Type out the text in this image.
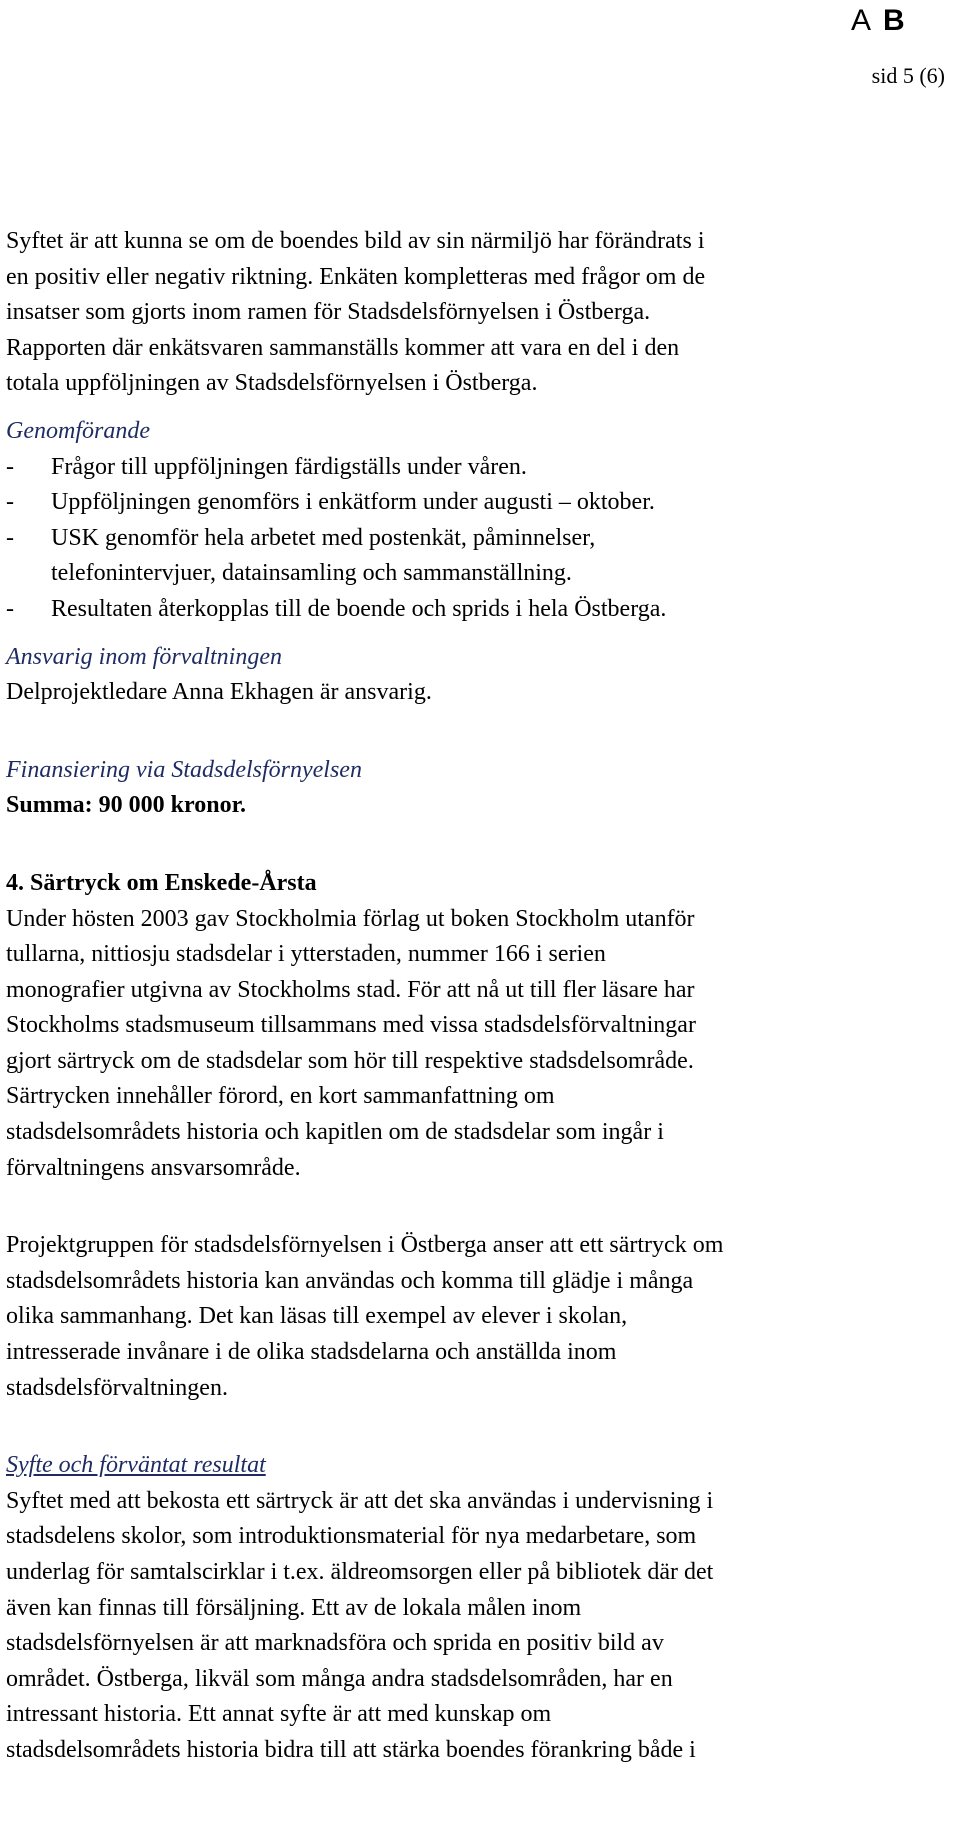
A B
sid 5 (6)

Syftet är att kunna se om de boendes bild av sin närmiljö har förändrats i
en positiv eller negativ riktning. Enkäten kompletteras med frågor om de
insatser som gjorts inom ramen för Stadsdelsförnyelsen i Östberga.
Rapporten där enkätsvaren sammanställs kommer att vara en del i den
totala uppföljningen av Stadsdelsförnyelsen i Östberga.

Genomförande

- Frågor till uppföljningen färdigställs under våren.
- Uppföljningen genomförs i enkätform under augusti – oktober.
- USK genomför hela arbetet med postenkät, påminnelser,
telefonintervjuer, datainsamling och sammanställning.
- Resultaten återkopplas till de boende och sprids i hela Östberga.

Ansvarig inom förvaltningen

Delprojektledare Anna Ekhagen är ansvarig.

Finansiering via Stadsdelsförnyelsen

Summa: 90 000 kronor.

4. Särtryck om Enskede-Årsta

Under hösten 2003 gav Stockholmia förlag ut boken Stockholm utanför
tullarna, nittiosju stadsdelar i ytterstaden, nummer 166 i serien
monografier utgivna av Stockholms stad. För att nå ut till fler läsare har
Stockholms stadsmuseum tillsammans med vissa stadsdelsförvaltningar
gjort särtryck om de stadsdelar som hör till respektive stadsdelsområde.
Särtrycken innehåller förord, en kort sammanfattning om
stadsdelsområdets historia och kapitlen om de stadsdelar som ingår i
förvaltningens ansvarsområde.

Projektgruppen för stadsdelsförnyelsen i Östberga anser att ett särtryck om
stadsdelsområdets historia kan användas och komma till glädje i många
olika sammanhang. Det kan läsas till exempel av elever i skolan,
intresserade invånare i de olika stadsdelarna och anställda inom
stadsdelsförvaltningen.

Syfte och förväntat resultat

Syftet med att bekosta ett särtryck är att det ska användas i undervisning i
stadsdelens skolor, som introduktionsmaterial för nya medarbetare, som
underlag för samtalscirklar i t.ex. äldreomsorgen eller på bibliotek där det
även kan finnas till försäljning. Ett av de lokala målen inom
stadsdelsförnyelsen är att marknadsföra och sprida en positiv bild av
området. Östberga, likväl som många andra stadsdelsområden, har en
intressant historia. Ett annat syfte är att med kunskap om
stadsdelsområdets historia bidra till att stärka boendes förankring både i
